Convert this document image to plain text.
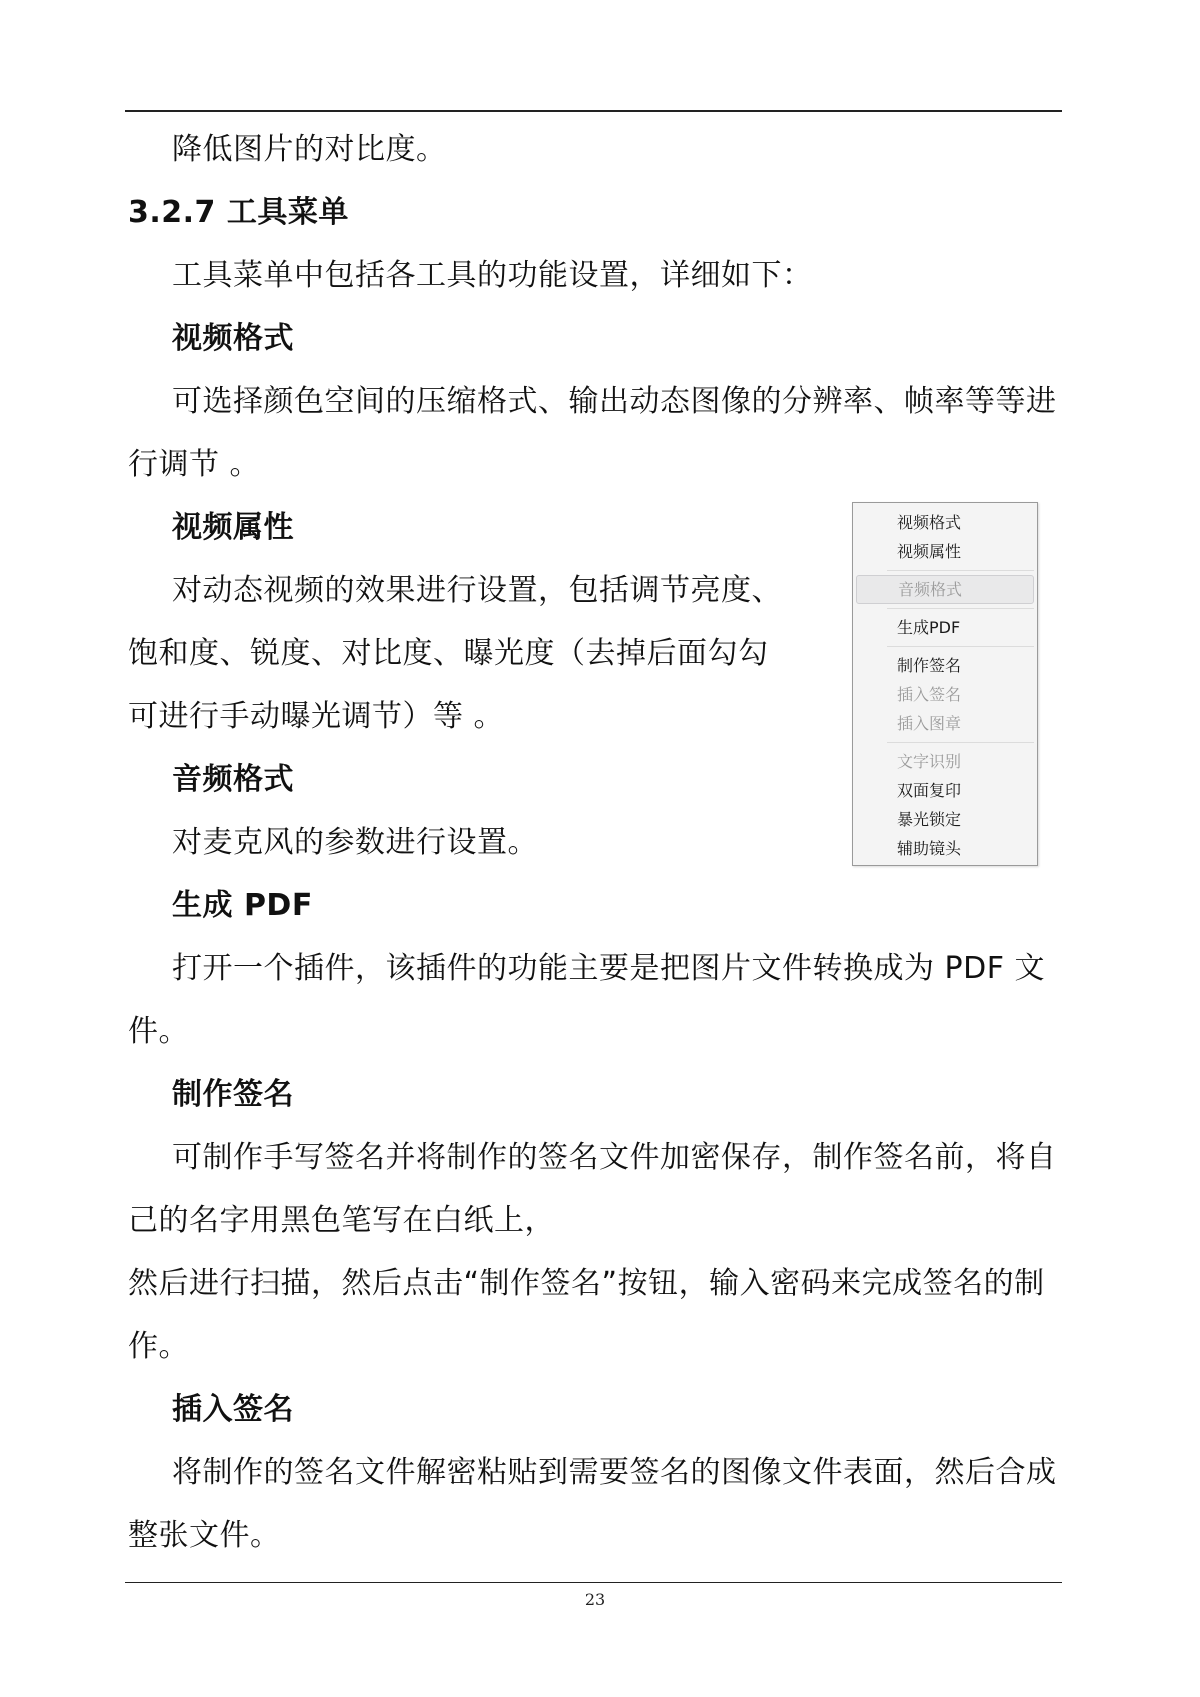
降低图片的对比度。

3.2.7 工具菜单

工具菜单中包括各工具的功能设置，详细如下：

视频格式

可选择颜色空间的压缩格式、输出动态图像的分辨率、帧率等等进行调节 。

视频属性

对动态视频的效果进行设置，包括调节亮度、饱和度、锐度、对比度、曝光度（去掉后面勾勾可进行手动曝光调节）等 。

音频格式

对麦克风的参数进行设置。

生成 PDF

打开一个插件，该插件的功能主要是把图片文件转换成为 PDF 文件。

制作签名

可制作手写签名并将制作的签名文件加密保存，制作签名前，将自己的名字用黑色笔写在白纸上，

然后进行扫描，然后点击“制作签名”按钮，输入密码来完成签名的制作。

插入签名

将制作的签名文件解密粘贴到需要签名的图像文件表面，然后合成整张文件。

视频格式
视频属性
音频格式
生成PDF
制作签名
插入签名
插入图章
文字识别
双面复印
暴光锁定
辅助镜头
23
